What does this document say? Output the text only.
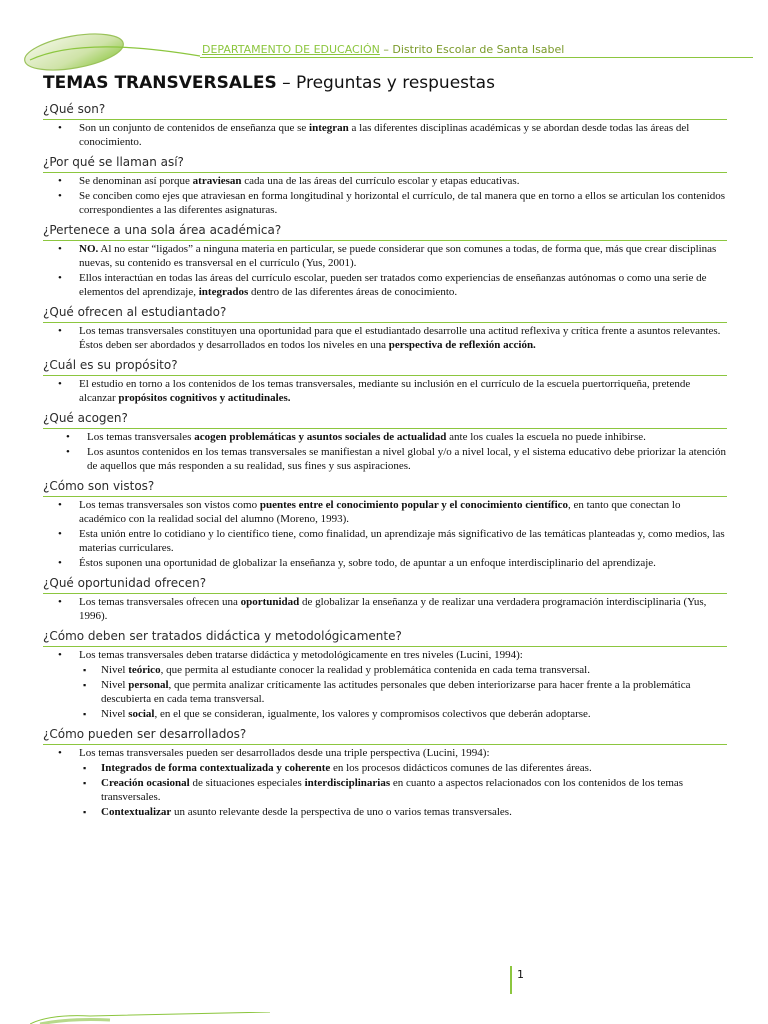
DEPARTAMENTO DE EDUCACIÓN – Distrito Escolar de Santa Isabel
TEMAS TRANSVERSALES – Preguntas y respuestas
¿Qué son?
• Son un conjunto de contenidos de enseñanza que se integran a las diferentes disciplinas académicas y se abordan desde todas las áreas del conocimiento.
¿Por qué se llaman así?
• Se denominan así porque atraviesan cada una de las áreas del currículo escolar y etapas educativas.
• Se conciben como ejes que atraviesan en forma longitudinal y horizontal el currículo, de tal manera que en torno a ellos se articulan los contenidos correspondientes a las diferentes asignaturas.
¿Pertenece a una sola área académica?
• NO. Al no estar “ligados” a ninguna materia en particular, se puede considerar que son comunes a todas, de forma que, más que crear disciplinas nuevas, su contenido es transversal en el currículo (Yus, 2001).
• Ellos interactúan en todas las áreas del currículo escolar, pueden ser tratados como experiencias de enseñanzas autónomas o como una serie de elementos del aprendizaje, integrados dentro de las diferentes áreas de conocimiento.
¿Qué ofrecen al estudiantado?
• Los temas transversales constituyen una oportunidad para que el estudiantado desarrolle una actitud reflexiva y crítica frente a asuntos relevantes. Éstos deben ser abordados y desarrollados en todos los niveles en una perspectiva de reflexión acción.
¿Cuál es su propósito?
• El estudio en torno a los contenidos de los temas transversales, mediante su inclusión en el currículo de la escuela puertorriqueña, pretende alcanzar propósitos cognitivos y actitudinales.
¿Qué acogen?
• Los temas transversales acogen problemáticas y asuntos sociales de actualidad ante los cuales la escuela no puede inhibirse.
• Los asuntos contenidos en los temas transversales se manifiestan a nivel global y/o a nivel local, y el sistema educativo debe priorizar la atención de aquellos que más responden a su realidad, sus fines y sus aspiraciones.
¿Cómo son vistos?
• Los temas transversales son vistos como puentes entre el conocimiento popular y el conocimiento científico, en tanto que conectan lo académico con la realidad social del alumno (Moreno, 1993).
• Esta unión entre lo cotidiano y lo científico tiene, como finalidad, un aprendizaje más significativo de las temáticas planteadas y, como medios, las materias curriculares.
• Éstos suponen una oportunidad de globalizar la enseñanza y, sobre todo, de apuntar a un enfoque interdisciplinario del aprendizaje.
¿Qué oportunidad ofrecen?
• Los temas transversales ofrecen una oportunidad de globalizar la enseñanza y de realizar una verdadera programación interdisciplinaria (Yus, 1996).
¿Cómo deben ser tratados didáctica y metodológicamente?
• Los temas transversales deben tratarse didáctica y metodológicamente en tres niveles (Lucini, 1994):
▪ Nivel teórico, que permita al estudiante conocer la realidad y problemática contenida en cada tema transversal.
▪ Nivel personal, que permita analizar críticamente las actitudes personales que deben interiorizarse para hacer frente a la problemática descubierta en cada tema transversal.
▪ Nivel social, en el que se consideran, igualmente, los valores y compromisos colectivos que deberán adoptarse.
¿Cómo pueden ser desarrollados?
• Los temas transversales pueden ser desarrollados desde una triple perspectiva (Lucini, 1994):
▪ Integrados de forma contextualizada y coherente en los procesos didácticos comunes de las diferentes áreas.
▪ Creación ocasional de situaciones especiales interdisciplinarias en cuanto a aspectos relacionados con los contenidos de los temas transversales.
▪ Contextualizar un asunto relevante desde la perspectiva de uno o varios temas transversales.
1
